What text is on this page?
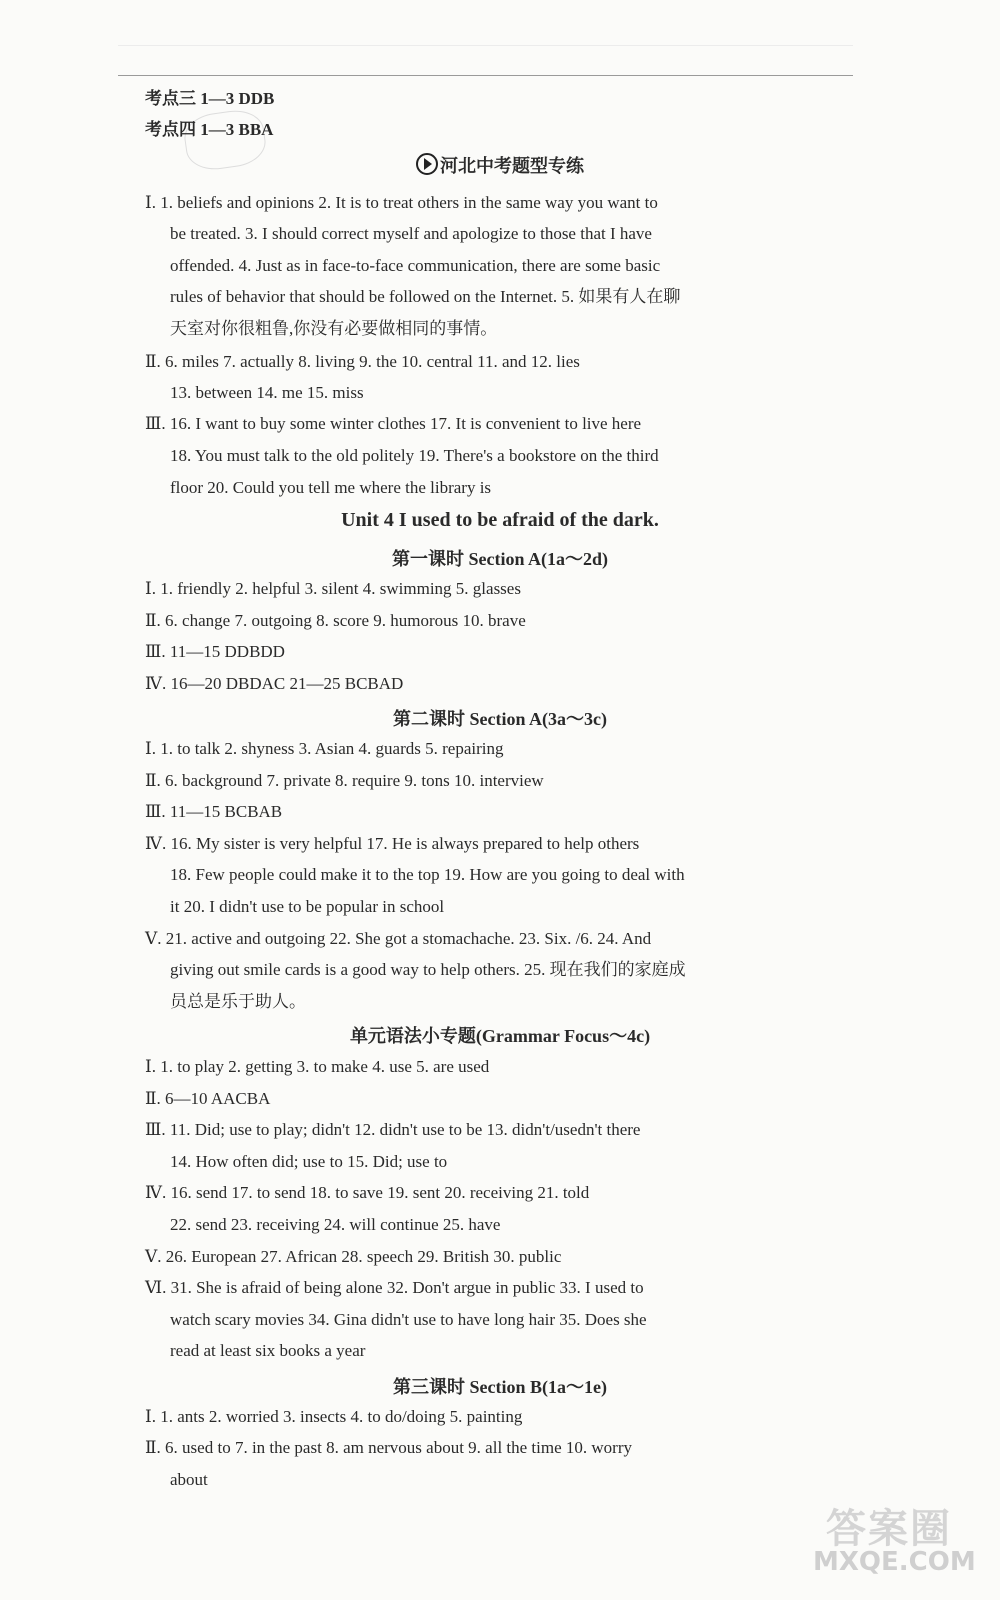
考点三 1—3 DDB
考点四 1—3 BBA
河北中考题型专练
Ⅰ. 1. beliefs and opinions 2. It is to treat others in the same way you want to
be treated. 3. I should correct myself and apologize to those that I have
offended. 4. Just as in face-to-face communication, there are some basic
rules of behavior that should be followed on the Internet. 5. 如果有人在聊
天室对你很粗鲁,你没有必要做相同的事情。
Ⅱ. 6. miles 7. actually 8. living 9. the 10. central 11. and 12. lies
13. between 14. me 15. miss
Ⅲ. 16. I want to buy some winter clothes 17. It is convenient to live here
18. You must talk to the old politely 19. There's a bookstore on the third
floor 20. Could you tell me where the library is
Unit 4 I used to be afraid of the dark.
第一课时 Section A(1a～2d)
Ⅰ. 1. friendly 2. helpful 3. silent 4. swimming 5. glasses
Ⅱ. 6. change 7. outgoing 8. score 9. humorous 10. brave
Ⅲ. 11—15 DDBDD
Ⅳ. 16—20 DBDAC 21—25 BCBAD
第二课时 Section A(3a～3c)
Ⅰ. 1. to talk 2. shyness 3. Asian 4. guards 5. repairing
Ⅱ. 6. background 7. private 8. require 9. tons 10. interview
Ⅲ. 11—15 BCBAB
Ⅳ. 16. My sister is very helpful 17. He is always prepared to help others
18. Few people could make it to the top 19. How are you going to deal with
it 20. I didn't use to be popular in school
Ⅴ. 21. active and outgoing 22. She got a stomachache. 23. Six. /6. 24. And
giving out smile cards is a good way to help others. 25. 现在我们的家庭成
员总是乐于助人。
单元语法小专题(Grammar Focus～4c)
Ⅰ. 1. to play 2. getting 3. to make 4. use 5. are used
Ⅱ. 6—10 AACBA
Ⅲ. 11. Did; use to play; didn't 12. didn't use to be 13. didn't/usedn't there
14. How often did; use to 15. Did; use to
Ⅳ. 16. send 17. to send 18. to save 19. sent 20. receiving 21. told
22. send 23. receiving 24. will continue 25. have
Ⅴ. 26. European 27. African 28. speech 29. British 30. public
Ⅵ. 31. She is afraid of being alone 32. Don't argue in public 33. I used to
watch scary movies 34. Gina didn't use to have long hair 35. Does she
read at least six books a year
第三课时 Section B(1a～1e)
Ⅰ. 1. ants 2. worried 3. insects 4. to do/doing 5. painting
Ⅱ. 6. used to 7. in the past 8. am nervous about 9. all the time 10. worry
about
答案圈
MXQE.COM
